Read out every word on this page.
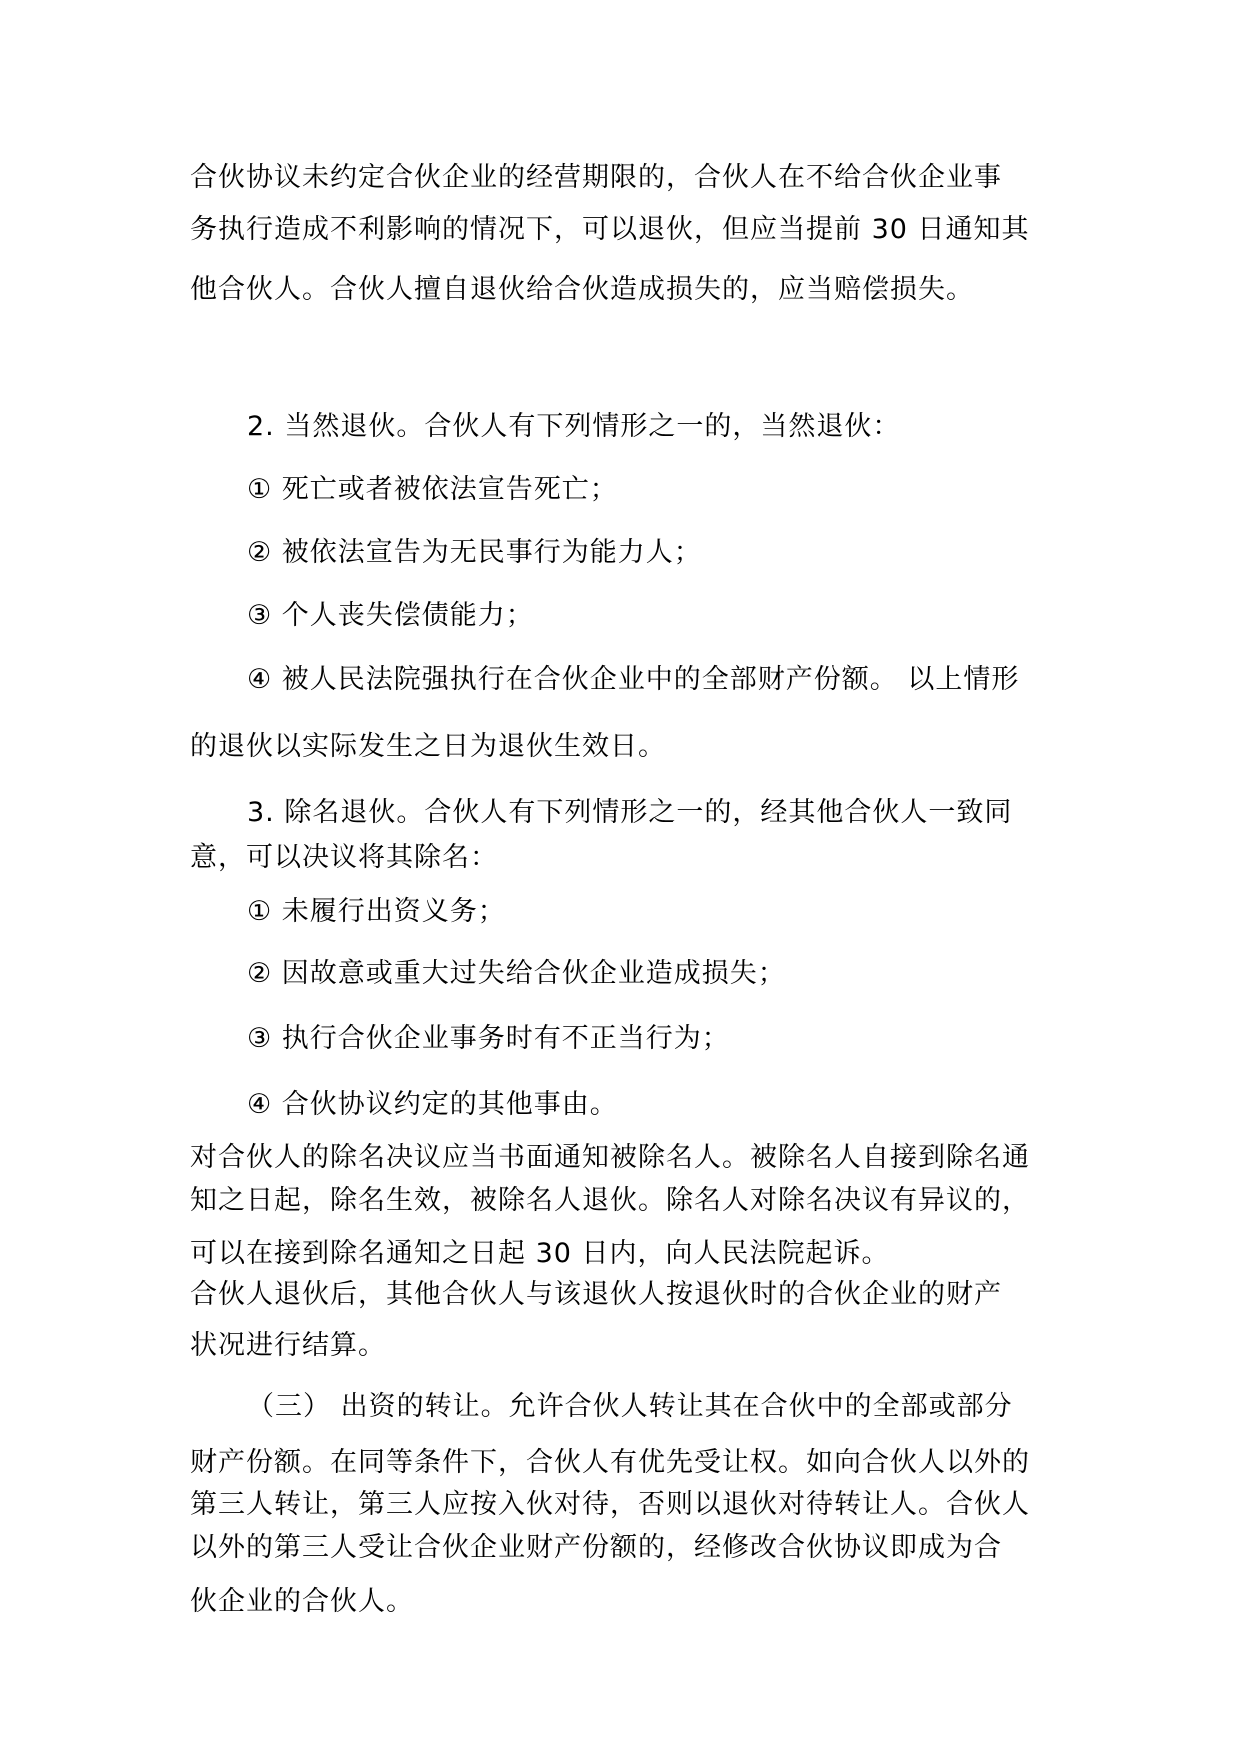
合伙协议未约定合伙企业的经营期限的，合伙人在不给合伙企业事
务执行造成不利影响的情况下，可以退伙，但应当提前 30 日通知其
他合伙人。合伙人擅自退伙给合伙造成损失的，应当赔偿损失。
2. 当然退伙。合伙人有下列情形之一的，当然退伙：
① 死亡或者被依法宣告死亡；
② 被依法宣告为无民事行为能力人；
③ 个人丧失偿债能力；
④ 被人民法院强执行在合伙企业中的全部财产份额。 以上情形
的退伙以实际发生之日为退伙生效日。
3. 除名退伙。合伙人有下列情形之一的，经其他合伙人一致同
意，可以决议将其除名：
① 未履行出资义务；
② 因故意或重大过失给合伙企业造成损失；
③ 执行合伙企业事务时有不正当行为；
④ 合伙协议约定的其他事由。
对合伙人的除名决议应当书面通知被除名人。被除名人自接到除名通
知之日起，除名生效，被除名人退伙。除名人对除名决议有异议的，
可以在接到除名通知之日起 30 日内，向人民法院起诉。
合伙人退伙后，其他合伙人与该退伙人按退伙时的合伙企业的财产
状况进行结算。
（三） 出资的转让。允许合伙人转让其在合伙中的全部或部分
财产份额。在同等条件下，合伙人有优先受让权。如向合伙人以外的
第三人转让，第三人应按入伙对待，否则以退伙对待转让人。合伙人
以外的第三人受让合伙企业财产份额的，经修改合伙协议即成为合
伙企业的合伙人。
